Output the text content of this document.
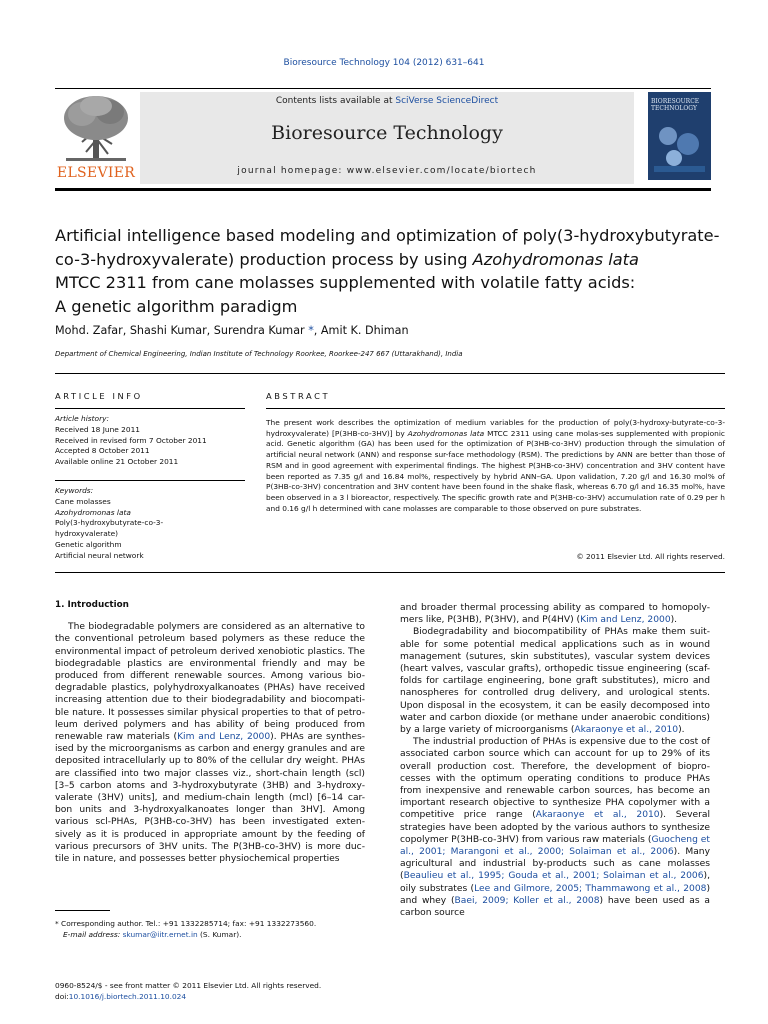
Bioresource Technology 104 (2012) 631–641
ELSEVIER
Contents lists available at SciVerse ScienceDirect
Bioresource Technology
journal homepage: www.elsevier.com/locate/biortech
BIORESOURCE TECHNOLOGY
Artificial intelligence based modeling and optimization of poly(3-hydroxybutyrate-
co-3-hydroxyvalerate) production process by using Azohydromonas lata
MTCC 2311 from cane molasses supplemented with volatile fatty acids:
A genetic algorithm paradigm
Mohd. Zafar, Shashi Kumar, Surendra Kumar *, Amit K. Dhiman
Department of Chemical Engineering, Indian Institute of Technology Roorkee, Roorkee-247 667 (Uttarakhand), India
ARTICLE INFO	ABSTRACT
Article history:
Received 18 June 2011
Received in revised form 7 October 2011
Accepted 8 October 2011
Available online 21 October 2011
Keywords:
Cane molasses
Azohydromonas lata
Poly(3-hydroxybutyrate-co-3-
hydroxyvalerate)
Genetic algorithm
Artificial neural network
The present work describes the optimization of medium variables for the production of poly(3-hydroxy-butyrate-co-3-hydroxyvalerate) [P(3HB-co-3HV)] by Azohydromonas lata MTCC 2311 using cane molas-ses supplemented with propionic acid. Genetic algorithm (GA) has been used for the optimization of P(3HB-co-3HV) production through the simulation of artificial neural network (ANN) and response sur-face methodology (RSM). The predictions by ANN are better than those of RSM and in good agreement with experimental findings. The highest P(3HB-co-3HV) concentration and 3HV content have been reported as 7.35 g/l and 16.84 mol%, respectively by hybrid ANN–GA. Upon validation, 7.20 g/l and 16.30 mol% of P(3HB-co-3HV) concentration and 3HV content have been found in the shake flask, whereas 6.70 g/l and 16.35 mol%, have been observed in a 3 l bioreactor, respectively. The specific growth rate and P(3HB-co-3HV) accumulation rate of 0.29 per h and 0.16 g/l h determined with cane molasses are comparable to those observed on pure substrates.
© 2011 Elsevier Ltd. All rights reserved.

1. Introduction

The biodegradable polymers are considered as an alternative to the conventional petroleum based polymers as these reduce the environmental impact of petroleum derived xenobiotic plastics. The biodegradable plastics are environmental friendly and may be produced from different renewable sources. Among various bio-degradable plastics, polyhydroxyalkanoates (PHAs) have received increasing attention due to their biodegradability and biocompati-ble nature. It possesses similar physical properties to that of petro-leum derived polymers and has ability of being produced from renewable raw materials (Kim and Lenz, 2000). PHAs are synthes-ised by the microorganisms as carbon and energy granules and are deposited intracellularly up to 80% of the cellular dry weight. PHAs are classified into two major classes viz., short-chain length (scl) [3–5 carbon atoms and 3-hydroxybutyrate (3HB) and 3-hydroxy-valerate (3HV) units], and medium-chain length (mcl) [6–14 car-bon units and 3-hydroxyalkanoates longer than 3HV]. Among various scl-PHAs, P(3HB-co-3HV) has been investigated exten-sively as it is produced in appropriate amount by the feeding of various precursors of 3HV units. The P(3HB-co-3HV) is more duc-tile in nature, and possesses better physiochemical properties

and broader thermal processing ability as compared to homopoly-mers like, P(3HB), P(3HV), and P(4HV) (Kim and Lenz, 2000).

Biodegradability and biocompatibility of PHAs make them suit-able for some potential medical applications such as in wound management (sutures, skin substitutes), vascular system devices (heart valves, vascular grafts), orthopedic tissue engineering (scaf-folds for cartilage engineering, bone graft substitutes), micro and nanospheres for controlled drug delivery, and urological stents. Upon disposal in the ecosystem, it can be easily decomposed into water and carbon dioxide (or methane under anaerobic conditions) by a large variety of microorganisms (Akaraonye et al., 2010).

The industrial production of PHAs is expensive due to the cost of associated carbon source which can account for up to 29% of its overall production cost. Therefore, the development of biopro-cesses with the optimum operating conditions to produce PHAs from inexpensive and renewable carbon sources, has become an important research objective to synthesize PHA copolymer with a competitive price range (Akaraonye et al., 2010). Several strategies have been adopted by the various authors to synthesize copolymer P(3HB-co-3HV) from various raw materials (Guocheng et al., 2001; Marangoni et al., 2000; Solaiman et al., 2006). Many agricultural and industrial by-products such as cane molasses (Beaulieu et al., 1995; Gouda et al., 2001; Solaiman et al., 2006), oily substrates (Lee and Gilmore, 2005; Thammawong et al., 2008) and whey (Baei, 2009; Koller et al., 2008) have been used as a carbon source

* Corresponding author. Tel.: +91 1332285714; fax: +91 1332273560.
E-mail address: skumar@iitr.ernet.in (S. Kumar).
0960-8524/$ - see front matter © 2011 Elsevier Ltd. All rights reserved.
doi:10.1016/j.biortech.2011.10.024
